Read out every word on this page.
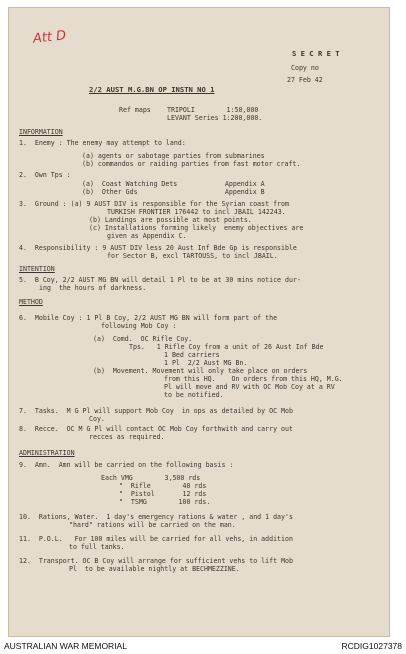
Att D
S E C R E T
Copy no
27 Feb 42
2/2 AUST M.G.BN OP INSTN NO 1
Ref maps TRIPOLI        1:50,000
LEVANT Series 1:200,000.
INFORMATION
1.  Enemy : The enemy may attempt to land:
(a) agents or sabotage parties from submarines
(b) commandos or raiding parties from fast motor craft.
2.  Own Tps :
(a)  Coast Watching Dets            Appendix A
(b)  Other Gds                      Appendix B
3.  Ground : (a) 9 AUST DIV is responsible for the Syrian coast from
TURKISH FRONTIER 176442 to incl JBAIL 142243.
(b) Landings are possible at most points.
(c) Installations forming likely  enemy objectives are
given as Appendix C.
4.  Responsibility : 9 AUST DIV less 20 Aust Inf Bde Gp is responsible
for Sector B, excl TARTOUSS, to incl JBAIL.
INTENTION
5.  B Coy, 2/2 AUST MG BN will detail 1 Pl to be at 30 mins notice dur-
ing  the hours of darkness.
METHOD
6.  Mobile Coy : 1 Pl B Coy, 2/2 AUST MG BN will form part of the
following Mob Coy :
(a)  Comd.  OC Rifle Coy.
Tps.   1 Rifle Coy from a unit of 26 Aust Inf Bde
1 Bed carriers
1 Pl  2/2 Aust MG Bn.
(b)  Movement. Movement will only take place on orders
from this HQ.    On orders from this HQ, M.G.
Pl will move and RV with OC Mob Coy at a RV
to be notified.
7.  Tasks.  M G Pl will support Mob Coy  in ops as detailed by OC Mob
Coy.
8.  Recce.  OC M G Pl will contact OC Mob Coy forthwith and carry out
recces as required.
ADMINISTRATION
9.  Amn.  Amn will be carried on the following basis :
Each VMG        3,500 rds
"  Rifle        40 rds
"  Pistol       12 rds
"  TSMG        100 rds.
10.  Rations, Water.  1 day's emergency rations & water , and 1 day's
"hard" rations will be carried on the man.
11.  P.O.L.   For 100 miles will be carried for all vehs, in addition
to full tanks.
12.  Transport. OC B Coy will arrange for sufficient vehs to lift Mob
Pl  to be available nightly at BECHMEZZINE.
AUSTRALIAN WAR MEMORIAL	RCDIG1027378
